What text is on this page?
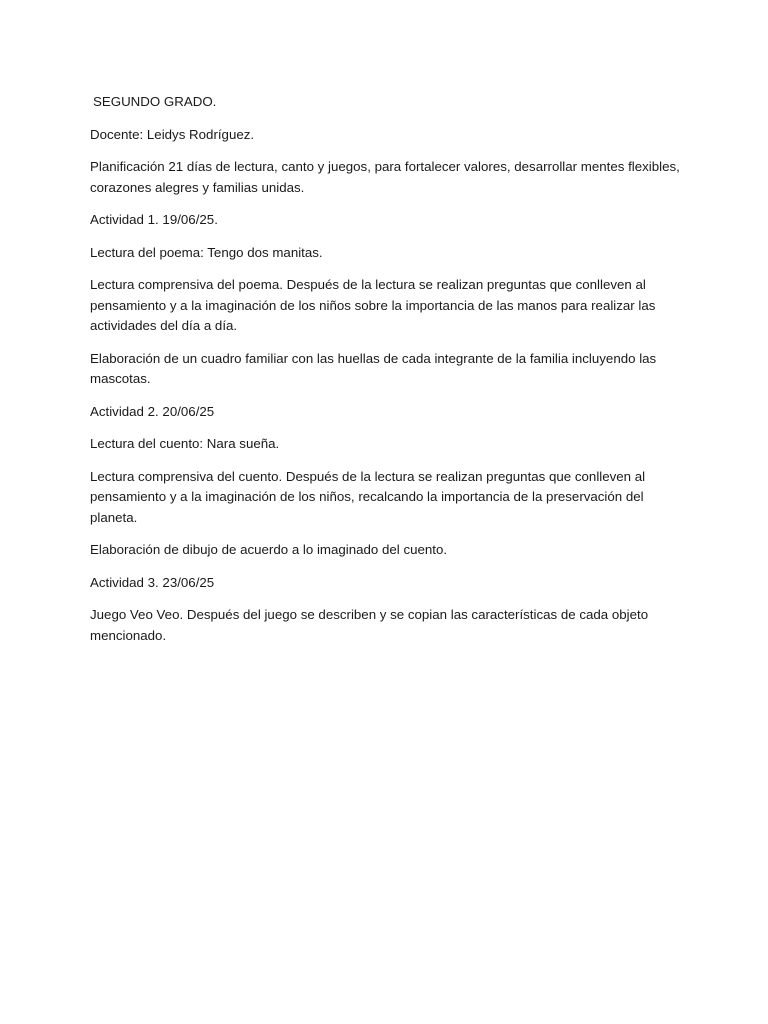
SEGUNDO GRADO.

Docente: Leidys Rodríguez.

Planificación 21 días de lectura, canto y juegos, para fortalecer valores, desarrollar mentes flexibles, corazones alegres y familias unidas.

Actividad 1. 19/06/25.

Lectura del poema: Tengo dos manitas.

Lectura comprensiva del poema. Después de la lectura se realizan preguntas que conlleven al pensamiento y a la imaginación de los niños sobre la importancia de las manos para realizar las actividades del día a día.

Elaboración de un cuadro familiar con las huellas de cada integrante de la familia incluyendo las mascotas.

Actividad 2. 20/06/25

Lectura del cuento: Nara sueña.

Lectura comprensiva del cuento. Después de la lectura se realizan preguntas que conlleven al pensamiento y a la imaginación de los niños, recalcando la importancia de la preservación del planeta.

Elaboración de dibujo de acuerdo a lo imaginado del cuento.

Actividad 3. 23/06/25

Juego Veo Veo. Después del juego se describen y se copian las características de cada objeto mencionado.
